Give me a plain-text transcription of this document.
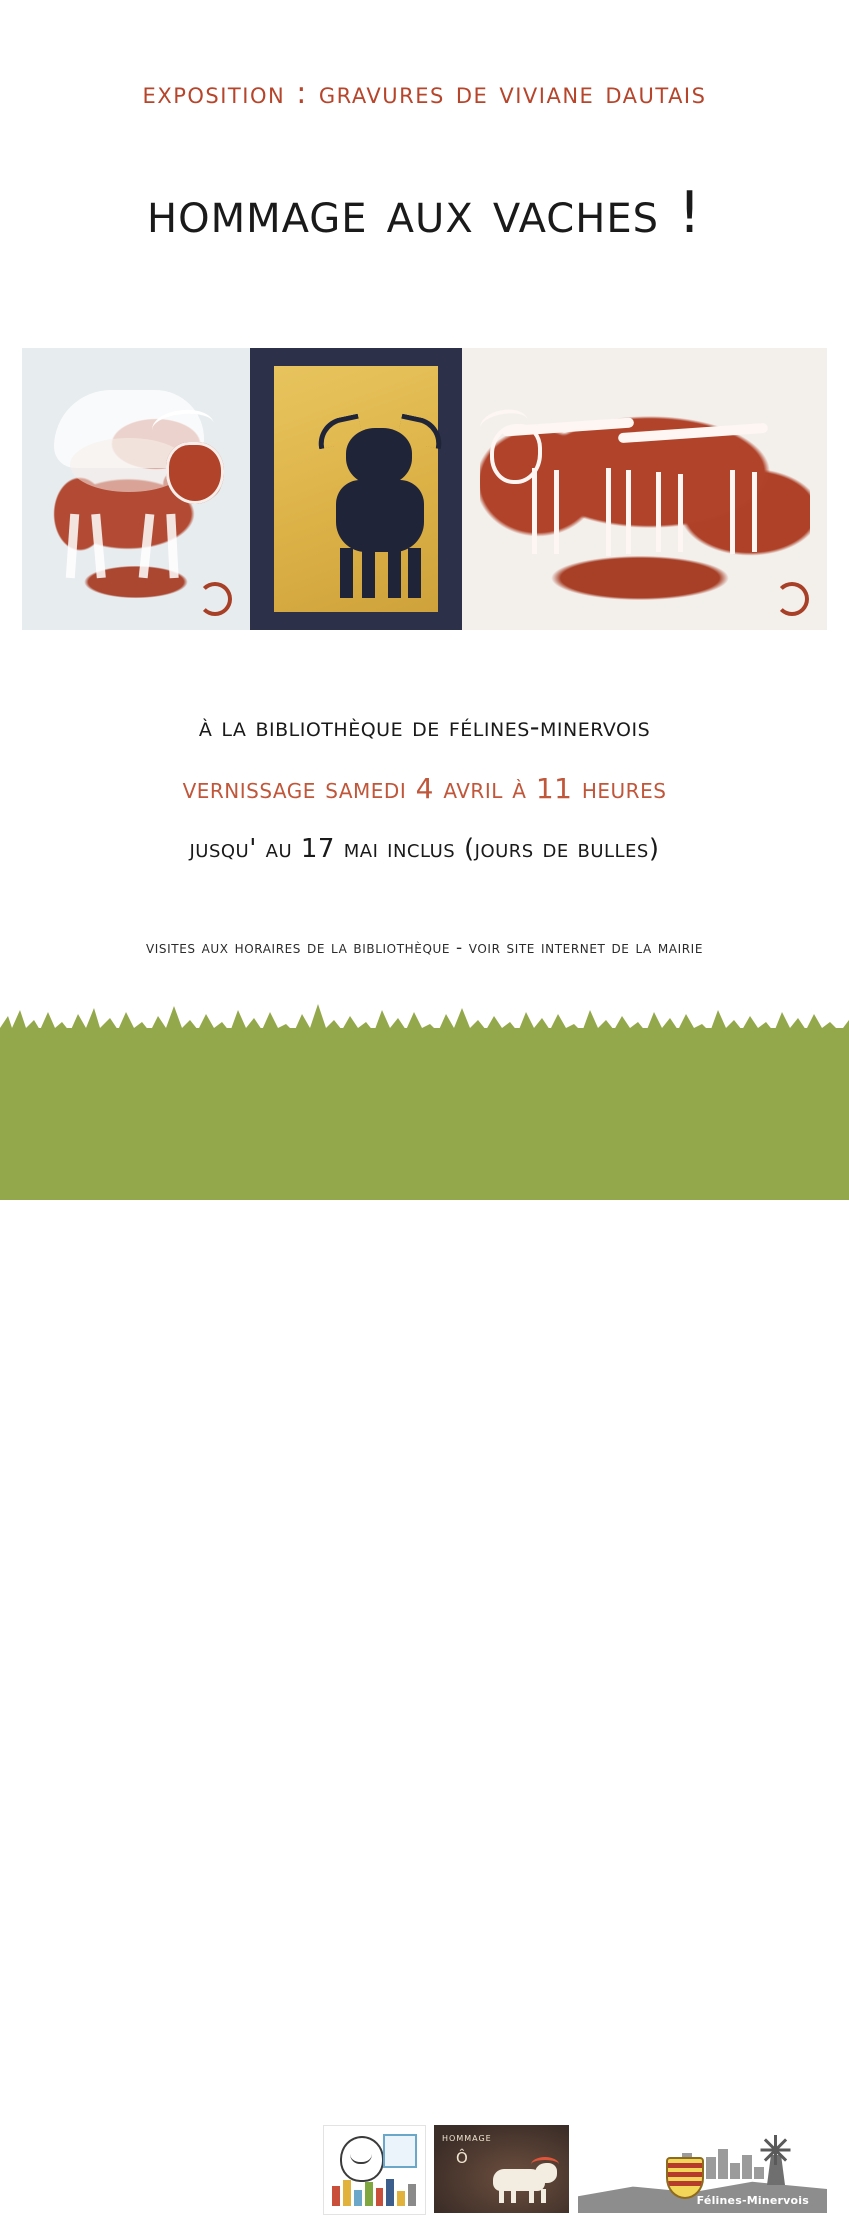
exposition : gravures de viviane dautais
hommage aux vaches !
à la bibliothèque de félines-minervois
vernissage samedi 4 avril à 11 heures
jusqu' au 17 mai inclus (jours de bulles)
visites aux horaires de la bibliothèque - voir site internet de la mairie
Club Félinois du Livre
hommage
Ô
Félines-Minervois
